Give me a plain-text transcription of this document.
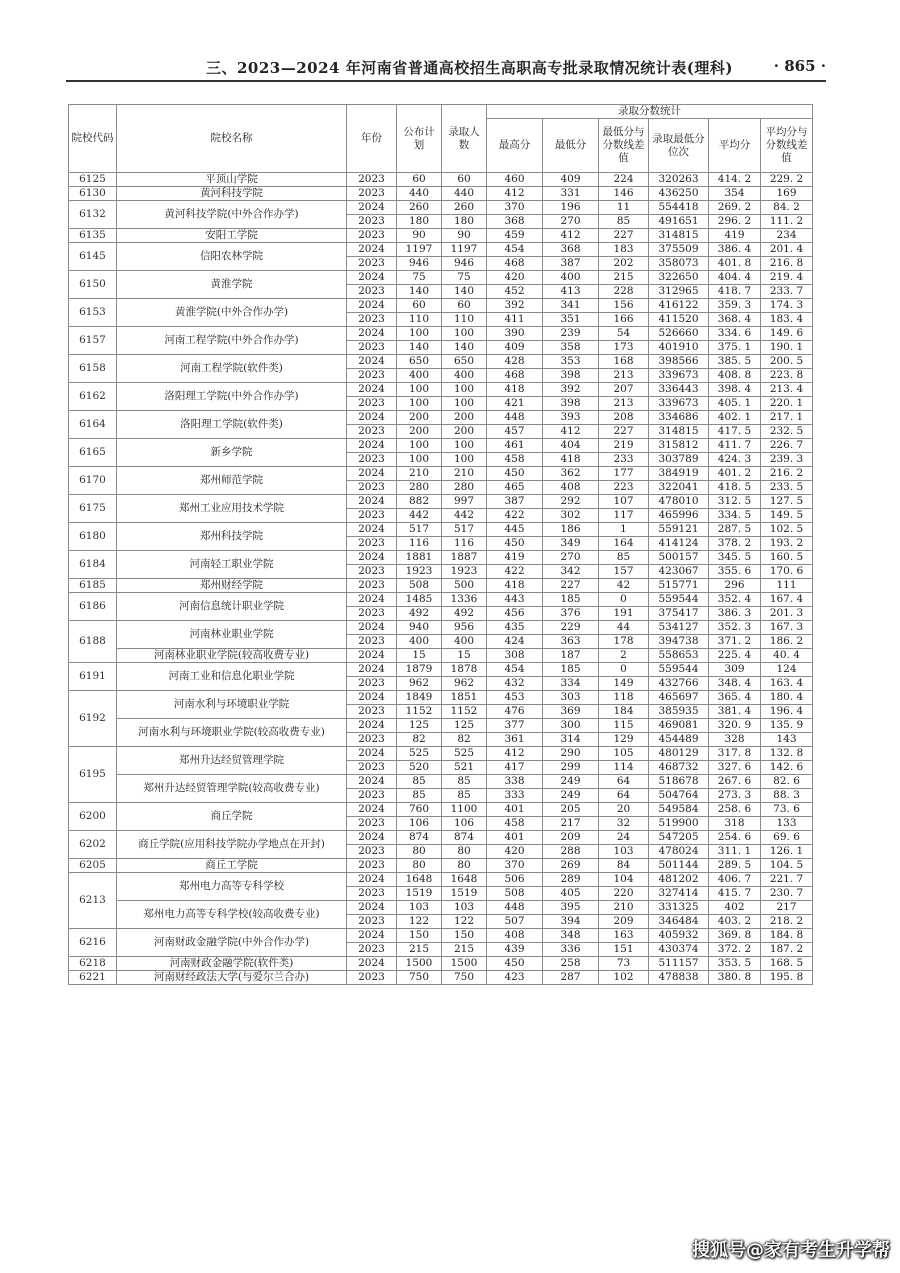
三、2023—2024 年河南省普通高校招生高职高专批录取情况统计表(理科)	· 865 ·
院校代码	院校名称	年份	公布计划	录取人数	录取分数统计					
					最高分	最低分	最低分与分数线差值	录取最低分位次	平均分	平均分与分数线差值
6125	平顶山学院	2023	60	60	460	409	224	320263	414. 2	229. 2
6130	黄河科技学院	2023	440	440	412	331	146	436250	354	169
6132	黄河科技学院(中外合作办学)	2024	260	260	370	196	11	554418	269. 2	84. 2
		2023	180	180	368	270	85	491651	296. 2	111. 2
6135	安阳工学院	2023	90	90	459	412	227	314815	419	234
6145	信阳农林学院	2024	1197	1197	454	368	183	375509	386. 4	201. 4
		2023	946	946	468	387	202	358073	401. 8	216. 8
6150	黄淮学院	2024	75	75	420	400	215	322650	404. 4	219. 4
		2023	140	140	452	413	228	312965	418. 7	233. 7
6153	黄淮学院(中外合作办学)	2024	60	60	392	341	156	416122	359. 3	174. 3
		2023	110	110	411	351	166	411520	368. 4	183. 4
6157	河南工程学院(中外合作办学)	2024	100	100	390	239	54	526660	334. 6	149. 6
		2023	140	140	409	358	173	401910	375. 1	190. 1
6158	河南工程学院(软件类)	2024	650	650	428	353	168	398566	385. 5	200. 5
		2023	400	400	468	398	213	339673	408. 8	223. 8
6162	洛阳理工学院(中外合作办学)	2024	100	100	418	392	207	336443	398. 4	213. 4
		2023	100	100	421	398	213	339673	405. 1	220. 1
6164	洛阳理工学院(软件类)	2024	200	200	448	393	208	334686	402. 1	217. 1
		2023	200	200	457	412	227	314815	417. 5	232. 5
6165	新乡学院	2024	100	100	461	404	219	315812	411. 7	226. 7
		2023	100	100	458	418	233	303789	424. 3	239. 3
6170	郑州师范学院	2024	210	210	450	362	177	384919	401. 2	216. 2
		2023	280	280	465	408	223	322041	418. 5	233. 5
6175	郑州工业应用技术学院	2024	882	997	387	292	107	478010	312. 5	127. 5
		2023	442	442	422	302	117	465996	334. 5	149. 5
6180	郑州科技学院	2024	517	517	445	186	1	559121	287. 5	102. 5
		2023	116	116	450	349	164	414124	378. 2	193. 2
6184	河南轻工职业学院	2024	1881	1887	419	270	85	500157	345. 5	160. 5
		2023	1923	1923	422	342	157	423067	355. 6	170. 6
6185	郑州财经学院	2023	508	500	418	227	42	515771	296	111
6186	河南信息统计职业学院	2024	1485	1336	443	185	0	559544	352. 4	167. 4
		2023	492	492	456	376	191	375417	386. 3	201. 3
6188	河南林业职业学院	2024	940	956	435	229	44	534127	352. 3	167. 3
		2023	400	400	424	363	178	394738	371. 2	186. 2
	河南林业职业学院(较高收费专业)	2024	15	15	308	187	2	558653	225. 4	40. 4
6191	河南工业和信息化职业学院	2024	1879	1878	454	185	0	559544	309	124
		2023	962	962	432	334	149	432766	348. 4	163. 4
6192	河南水利与环境职业学院	2024	1849	1851	453	303	118	465697	365. 4	180. 4
		2023	1152	1152	476	369	184	385935	381. 4	196. 4
	河南水利与环境职业学院(较高收费专业)	2024	125	125	377	300	115	469081	320. 9	135. 9
		2023	82	82	361	314	129	454489	328	143
6195	郑州升达经贸管理学院	2024	525	525	412	290	105	480129	317. 8	132. 8
		2023	520	521	417	299	114	468732	327. 6	142. 6
	郑州升达经贸管理学院(较高收费专业)	2024	85	85	338	249	64	518678	267. 6	82. 6
		2023	85	85	333	249	64	504764	273. 3	88. 3
6200	商丘学院	2024	760	1100	401	205	20	549584	258. 6	73. 6
		2023	106	106	458	217	32	519900	318	133
6202	商丘学院(应用科技学院办学地点在开封)	2024	874	874	401	209	24	547205	254. 6	69. 6
		2023	80	80	420	288	103	478024	311. 1	126. 1
6205	商丘工学院	2023	80	80	370	269	84	501144	289. 5	104. 5
6213	郑州电力高等专科学校	2024	1648	1648	506	289	104	481202	406. 7	221. 7
		2023	1519	1519	508	405	220	327414	415. 7	230. 7
	郑州电力高等专科学校(较高收费专业)	2024	103	103	448	395	210	331325	402	217
		2023	122	122	507	394	209	346484	403. 2	218. 2
6216	河南财政金融学院(中外合作办学)	2024	150	150	408	348	163	405932	369. 8	184. 8
		2023	215	215	439	336	151	430374	372. 2	187. 2
6218	河南财政金融学院(软件类)	2024	1500	1500	450	258	73	511157	353. 5	168. 5
6221	河南财经政法大学(与爱尔兰合办)	2023	750	750	423	287	102	478838	380. 8	195. 8
搜狐号@家有考生升学帮
